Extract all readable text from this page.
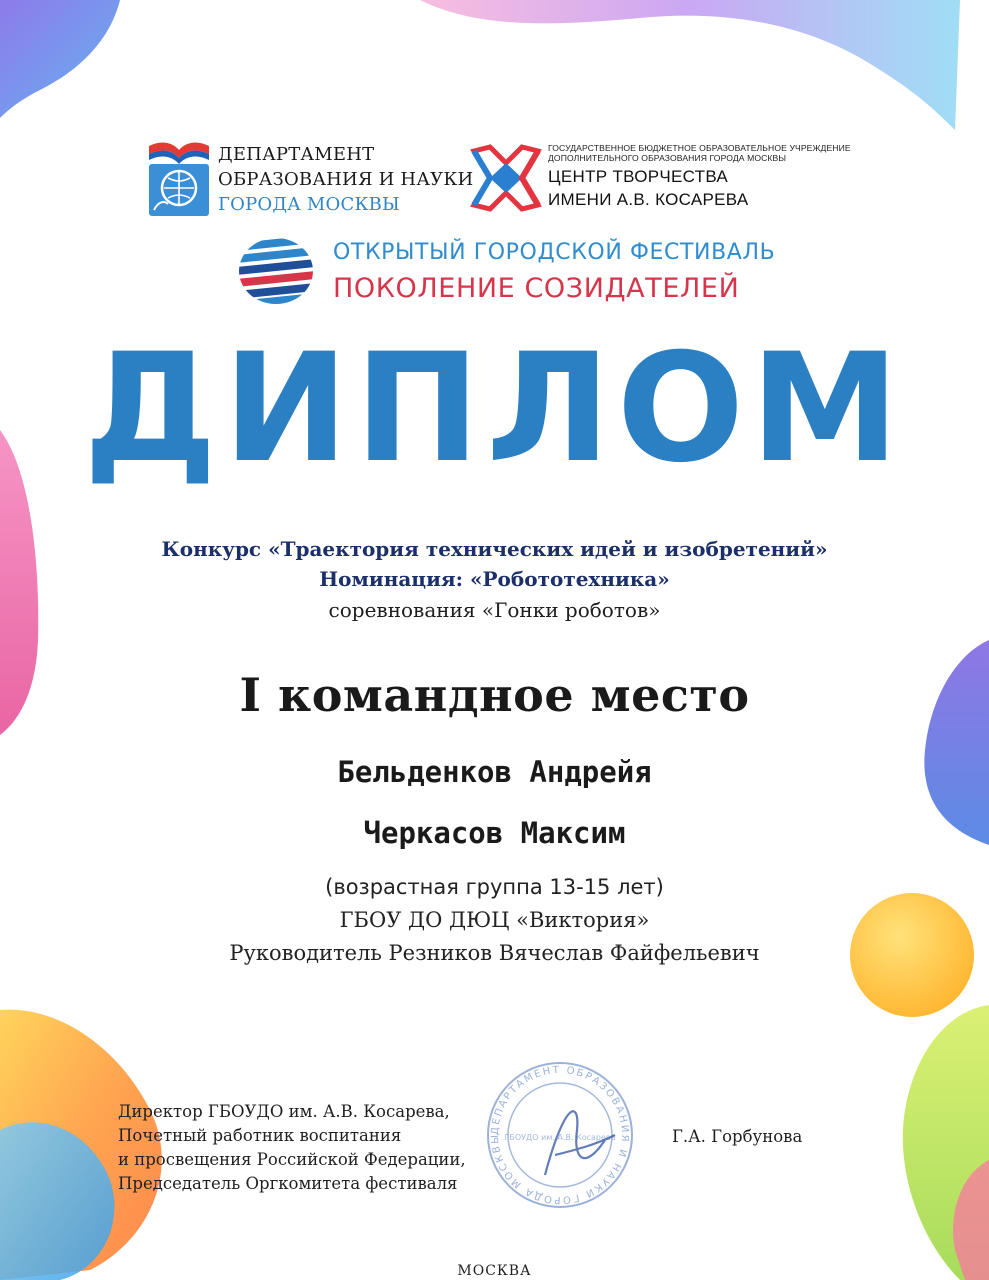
ДЕПАРТАМЕНТ
ОБРАЗОВАНИЯ И НАУКИ
ГОРОДА МОСКВЫ
ГОСУДАРСТВЕННОЕ БЮДЖЕТНОЕ ОБРАЗОВАТЕЛЬНОЕ УЧРЕЖДЕНИЕ
ДОПОЛНИТЕЛЬНОГО ОБРАЗОВАНИЯ ГОРОДА МОСКВЫ
ЦЕНТР ТВОРЧЕСТВА
ИМЕНИ А.В. КОСАРЕВА
ОТКРЫТЫЙ ГОРОДСКОЙ ФЕСТИВАЛЬ
ПОКОЛЕНИЕ СОЗИДАТЕЛЕЙ
ДИПЛОМ
Конкурс «Траектория технических идей и изобретений»
Номинация: «Робототехника»
соревнования «Гонки роботов»
I командное место
Бельденков Андрейя
Черкасов Максим
(возрастная группа 13-15 лет)
ГБОУ ДО ДЮЦ «Виктория»
Руководитель Резников Вячеслав Файфельевич
ДЕПАРТАМЕНТ ОБРАЗОВАНИЯ И НАУКИ ГОРОДА МОСКВЫ ГБОУДО им. А.В. Косарева
Директор ГБОУДО им. А.В. Косарева,
Почетный работник воспитания
и просвещения Российской Федерации,
Председатель Оргкомитета фестиваля
Г.А. Горбунова
МОСКВА
